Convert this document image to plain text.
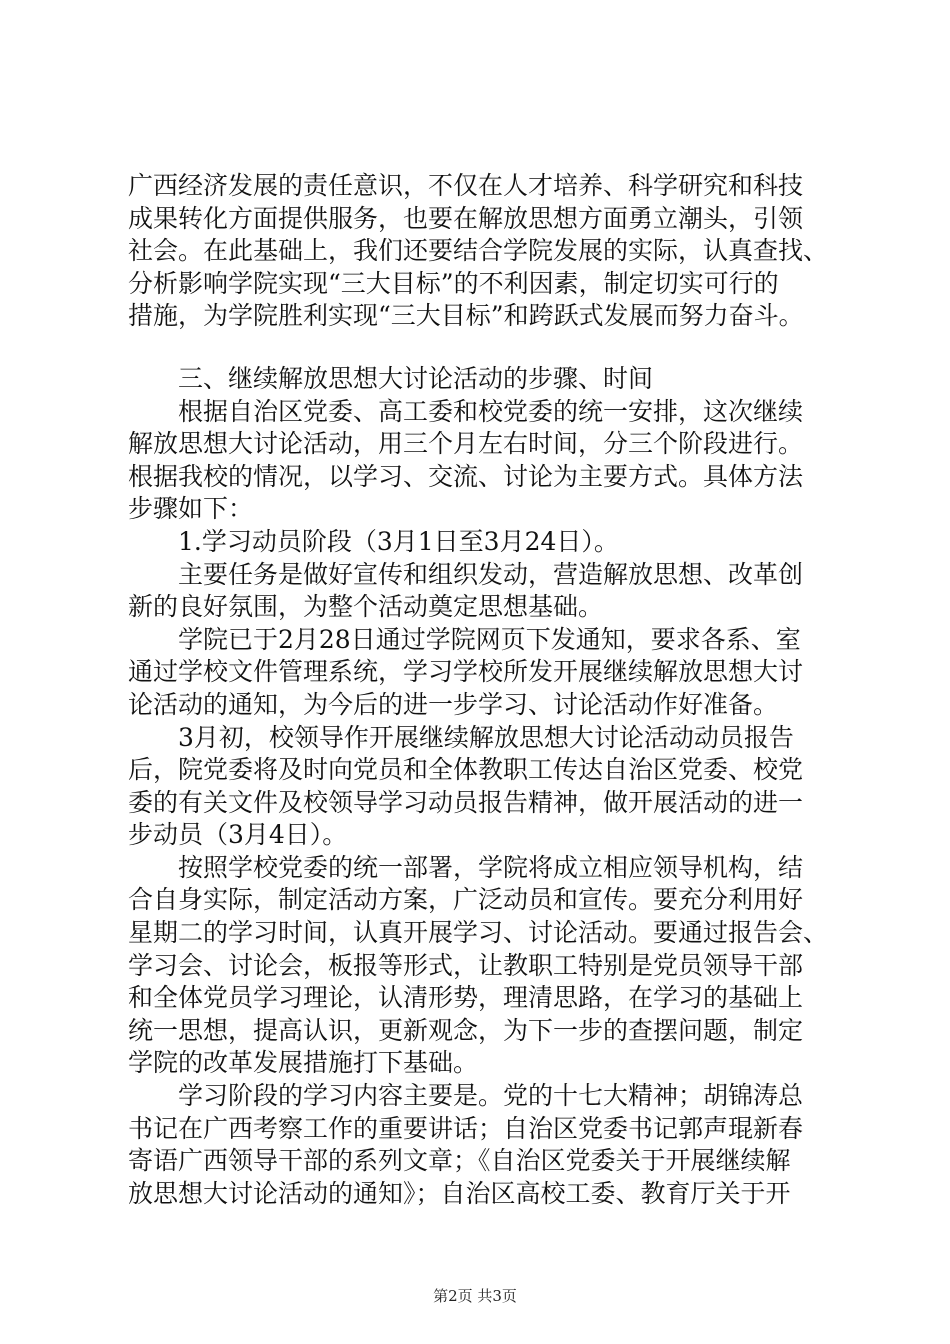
广西经济发展的责任意识，不仅在人才培养、科学研究和科技
成果转化方面提供服务，也要在解放思想方面勇立潮头，引领
社会。在此基础上，我们还要结合学院发展的实际，认真查找、
分析影响学院实现“三大目标”的不利因素，制定切实可行的
措施，为学院胜利实现“三大目标”和跨跃式发展而努力奋斗。
　　三、继续解放思想大讨论活动的步骤、时间
　　根据自治区党委、高工委和校党委的统一安排，这次继续
解放思想大讨论活动，用三个月左右时间，分三个阶段进行。
根据我校的情况，以学习、交流、讨论为主要方式。具体方法
步骤如下：
　　1.学习动员阶段（3月1日至3月24日）。
　　主要任务是做好宣传和组织发动，营造解放思想、改革创
新的良好氛围，为整个活动奠定思想基础。
　　学院已于2月28日通过学院网页下发通知，要求各系、室
通过学校文件管理系统，学习学校所发开展继续解放思想大讨
论活动的通知，为今后的进一步学习、讨论活动作好准备。
　　3月初，校领导作开展继续解放思想大讨论活动动员报告
后，院党委将及时向党员和全体教职工传达自治区党委、校党
委的有关文件及校领导学习动员报告精神，做开展活动的进一
步动员（3月4日）。
　　按照学校党委的统一部署，学院将成立相应领导机构，结
合自身实际，制定活动方案，广泛动员和宣传。要充分利用好
星期二的学习时间，认真开展学习、讨论活动。要通过报告会、
学习会、讨论会，板报等形式，让教职工特别是党员领导干部
和全体党员学习理论，认清形势，理清思路，在学习的基础上
统一思想，提高认识，更新观念，为下一步的查摆问题，制定
学院的改革发展措施打下基础。
　　学习阶段的学习内容主要是。党的十七大精神；胡锦涛总
书记在广西考察工作的重要讲话；自治区党委书记郭声琨新春
寄语广西领导干部的系列文章；《自治区党委关于开展继续解
放思想大讨论活动的通知》；自治区高校工委、教育厅关于开
第2页 共3页
